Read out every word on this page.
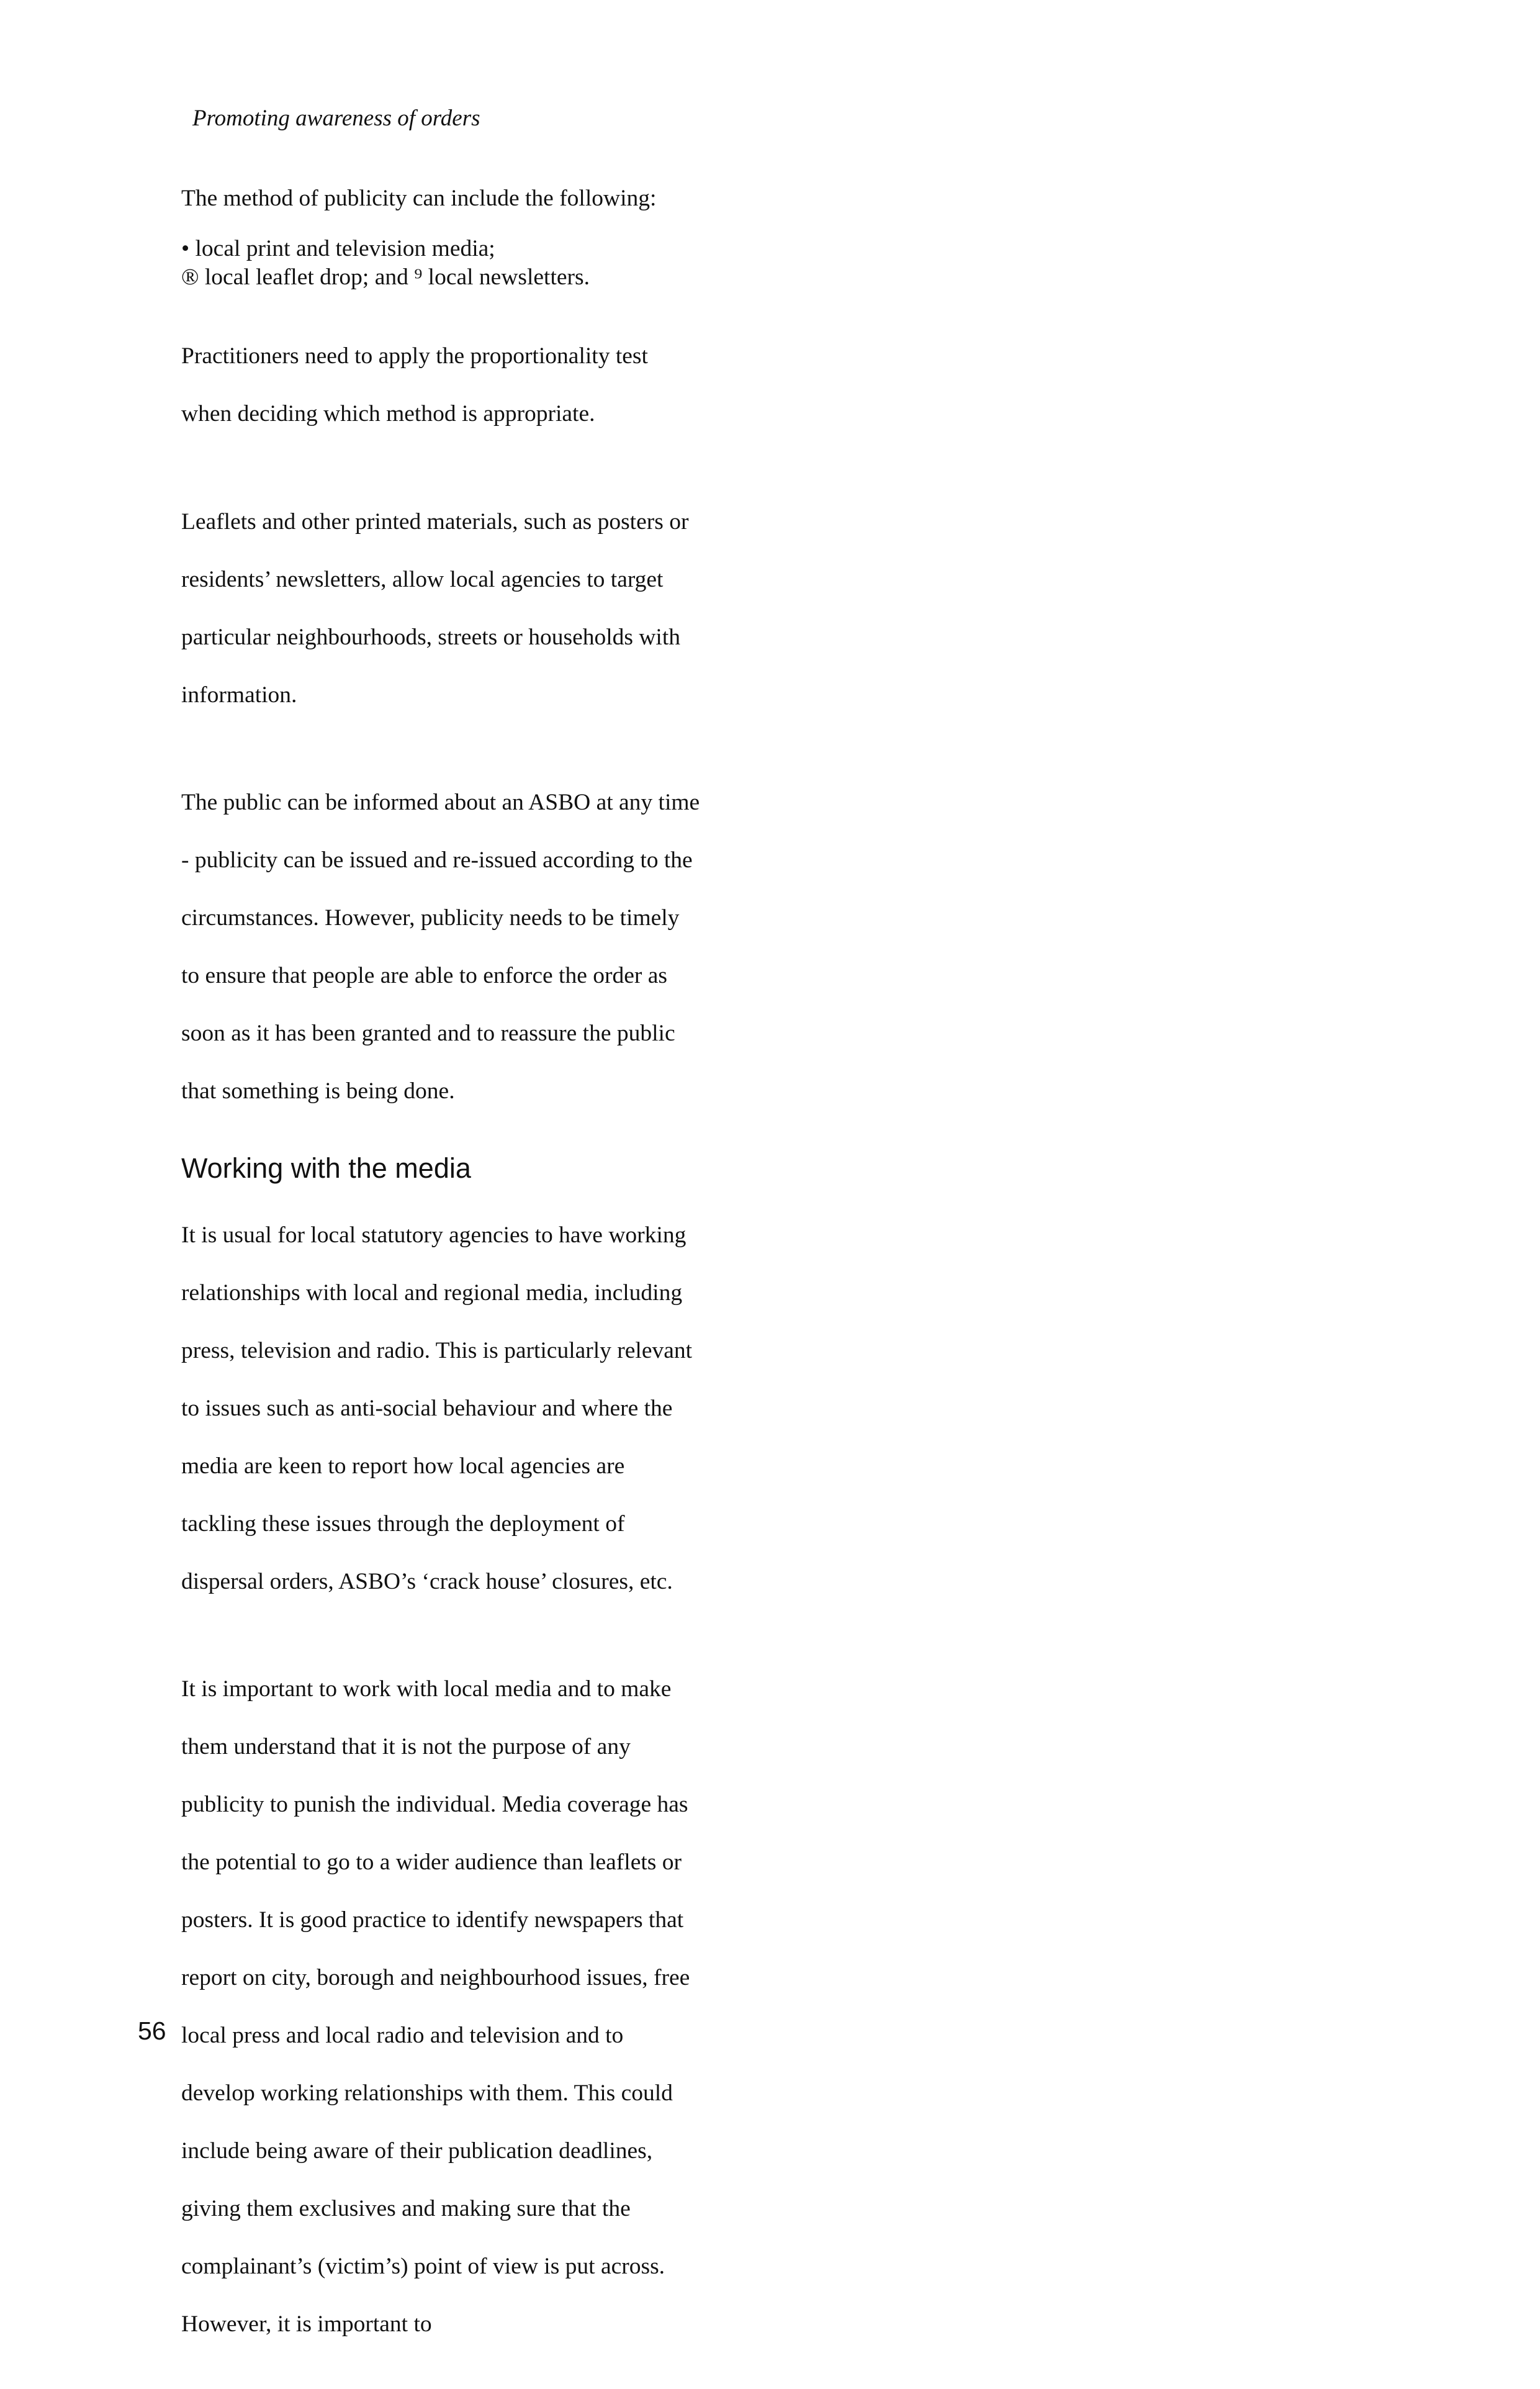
Promoting awareness of orders

The method of publicity can include the following:

• local print and television media;
® local leaflet drop; and ⁹ local newsletters.

Practitioners need to apply the proportionality test

when deciding which method is appropriate.

Leaflets and other printed materials, such as posters or

residents’ newsletters, allow local agencies to target

particular neighbourhoods, streets or households with

information.

The public can be informed about an ASBO at any time

- publicity can be issued and re-issued according to the

circumstances. However, publicity needs to be timely

to ensure that people are able to enforce the order as

soon as it has been granted and to reassure the public

that something is being done.

Working with the media

It is usual for local statutory agencies to have working

relationships with local and regional media, including

press, television and radio. This is particularly relevant

to issues such as anti-social behaviour and where the

media are keen to report how local agencies are

tackling these issues through the deployment of

dispersal orders, ASBO’s ‘crack house’ closures, etc.

It is important to work with local media and to make

them understand that it is not the purpose of any

publicity to punish the individual. Media coverage has

the potential to go to a wider audience than leaflets or

posters. It is good practice to identify newspapers that

report on city, borough and neighbourhood issues, free

local press and local radio and television and to

develop working relationships with them. This could

include being aware of their publication deadlines,

giving them exclusives and making sure that the

complainant’s (victim’s) point of view is put across.

However, it is important to

56
